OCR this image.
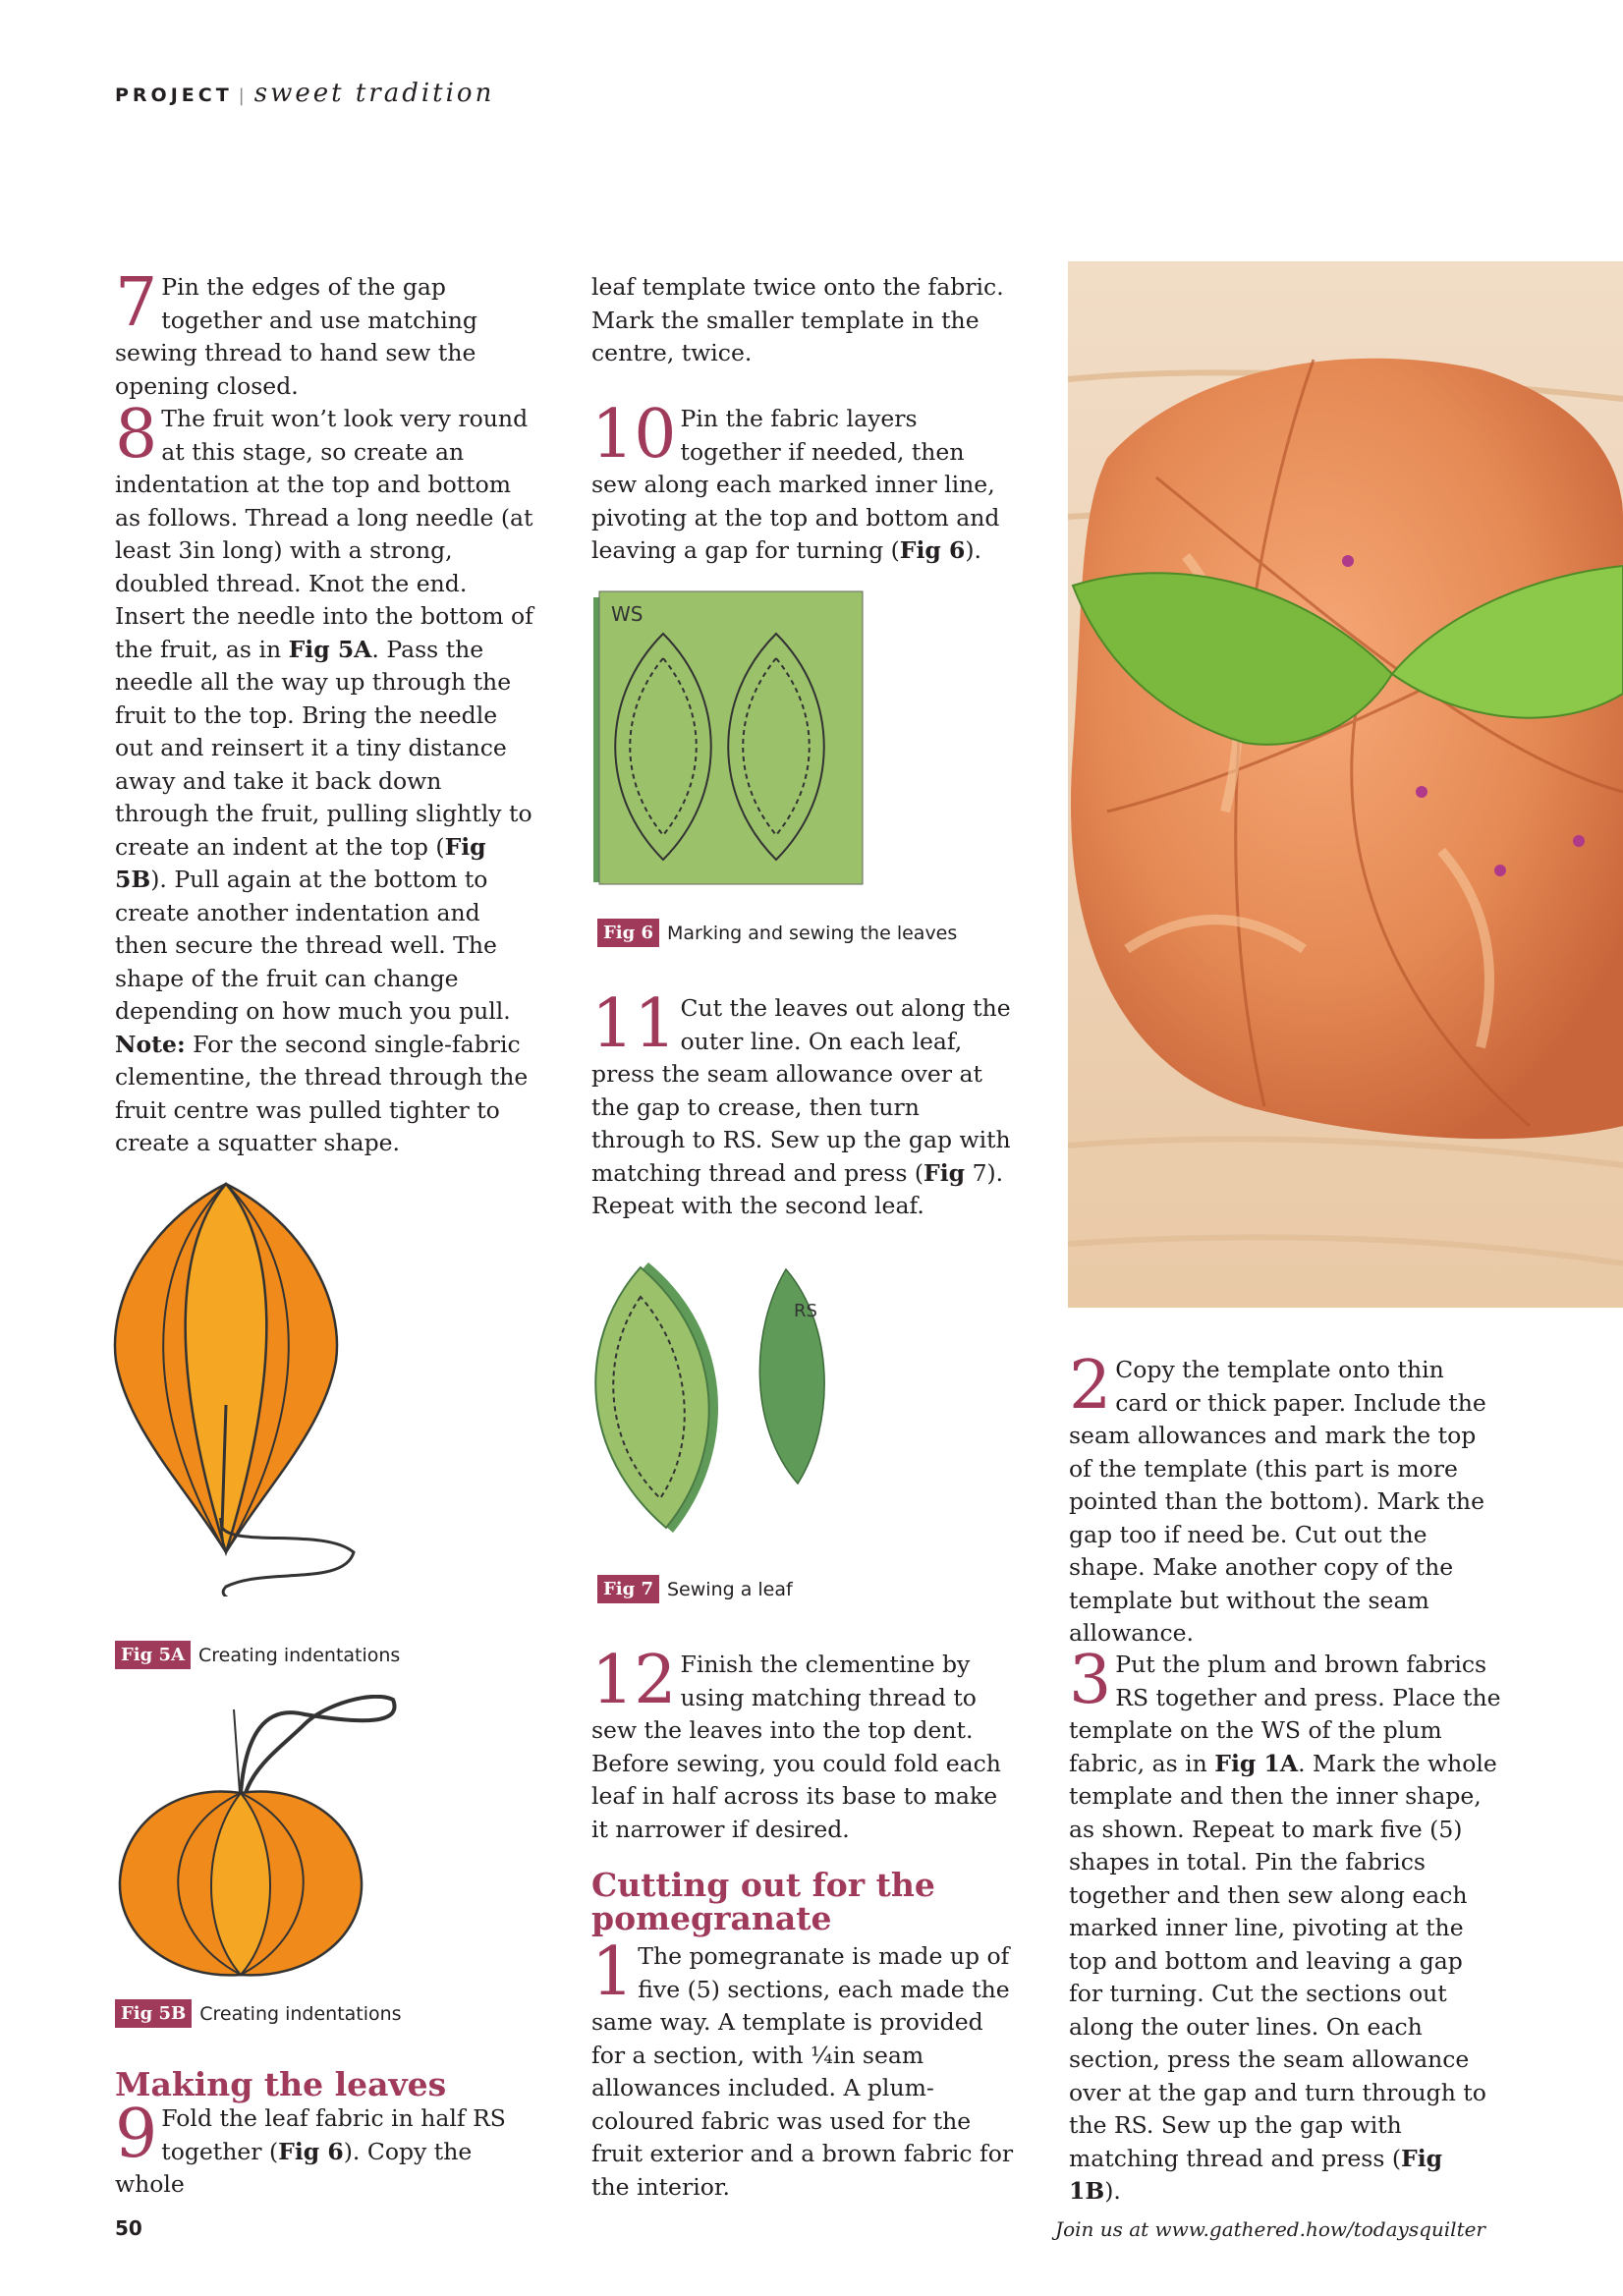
PROJECT | sweet tradition

7 Pin the edges of the gap together and use matching sewing thread to hand sew the opening closed.

8 The fruit won’t look very round at this stage, so create an indentation at the top and bottom as follows. Thread a long needle (at least 3in long) with a strong, doubled thread. Knot the end. Insert the needle into the bottom of the fruit, as in Fig 5A. Pass the needle all the way up through the fruit to the top. Bring the needle out and reinsert it a tiny distance away and take it back down through the fruit, pulling slightly to create an indent at the top (Fig 5B). Pull again at the bottom to create another indentation and then secure the thread well. The shape of the fruit can change depending on how much you pull. Note: For the second single-fabric clementine, the thread through the fruit centre was pulled tighter to create a squatter shape.

Fig 5A Creating indentations
Fig 5B Creating indentations
Making the leaves

9 Fold the leaf fabric in half RS together (Fig 6). Copy the whole

leaf template twice onto the fabric. Mark the smaller template in the centre, twice.

10 Pin the fabric layers together if needed, then sew along each marked inner line, pivoting at the top and bottom and leaving a gap for turning (Fig 6).

WS
Fig 6 Marking and sewing the leaves

11 Cut the leaves out along the outer line. On each leaf, press the seam allowance over at the gap to crease, then turn through to RS. Sew up the gap with matching thread and press (Fig 7). Repeat with the second leaf.

RS
Fig 7 Sewing a leaf

12 Finish the clementine by using matching thread to sew the leaves into the top dent. Before sewing, you could fold each leaf in half across its base to make it narrower if desired.

Cutting out for the pomegranate

1 The pomegranate is made up of five (5) sections, each made the same way. A template is provided for a section, with ¼in seam allowances included. A plum-coloured fabric was used for the fruit exterior and a brown fabric for the interior.

2 Copy the template onto thin card or thick paper. Include the seam allowances and mark the top of the template (this part is more pointed than the bottom). Mark the gap too if need be. Cut out the shape. Make another copy of the template but without the seam allowance.

3 Put the plum and brown fabrics RS together and press. Place the template on the WS of the plum fabric, as in Fig 1A. Mark the whole template and then the inner shape, as shown. Repeat to mark five (5) shapes in total. Pin the fabrics together and then sew along each marked inner line, pivoting at the top and bottom and leaving a gap for turning. Cut the sections out along the outer lines. On each section, press the seam allowance over at the gap and turn through to the RS. Sew up the gap with matching thread and press (Fig 1B).

50	Join us at www.gathered.how/todaysquilter
